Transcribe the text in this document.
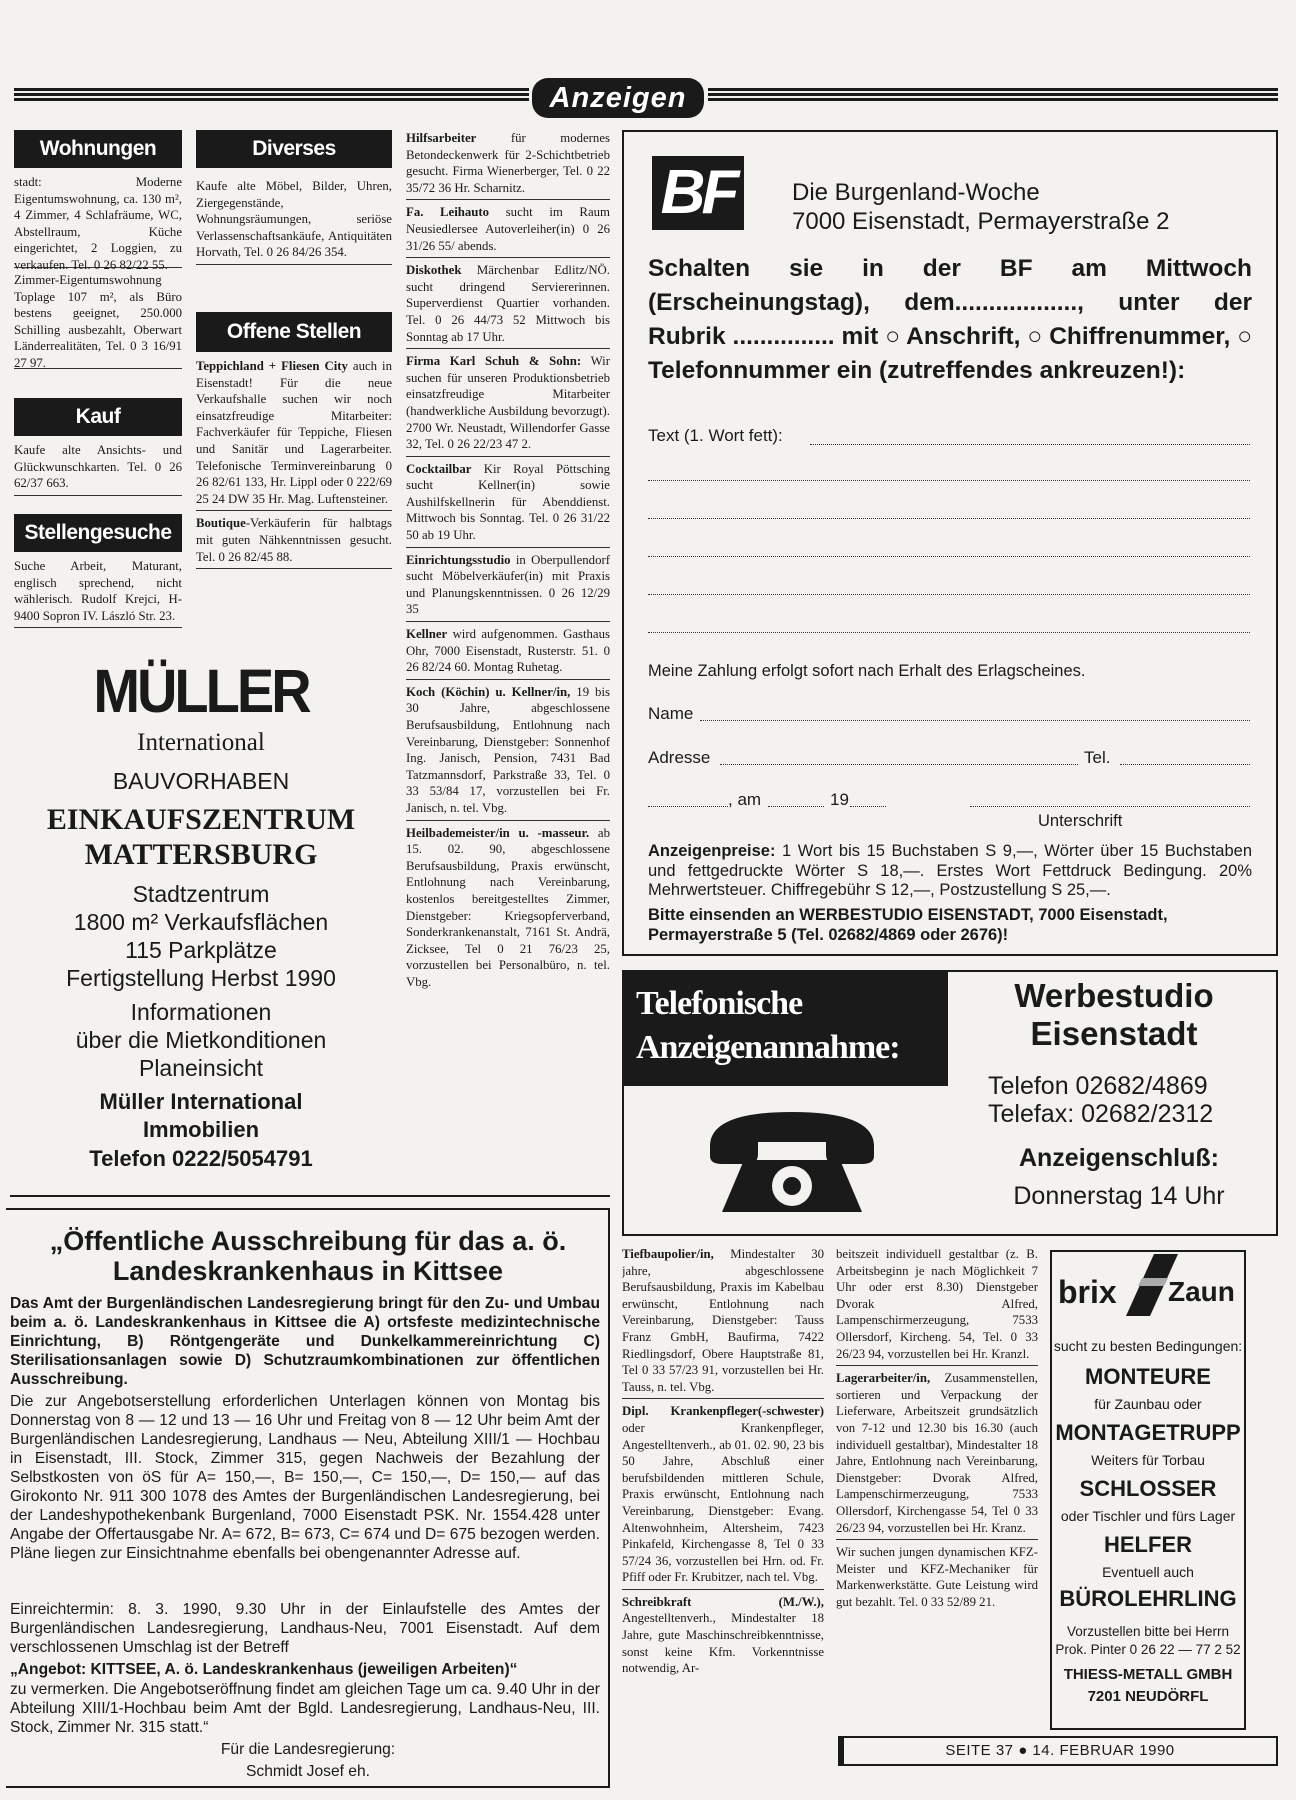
Anzeigen
Wohnungen

stadt: Moderne Eigentumswohnung, ca. 130 m², 4 Zimmer, 4 Schlafräume, WC, Abstellraum, Küche eingerichtet, 2 Loggien, zu verkaufen. Tel. 0 26 82/22 55.

Zimmer-Eigentumswohnung Toplage 107 m², als Büro bestens geeignet, 250.000 Schilling ausbezahlt, Oberwart Länderrealitäten, Tel. 0 3 16/91 27 97.

Kauf

Kaufe alte Ansichts- und Glückwunschkarten. Tel. 0 26 62/37 663.

Stellengesuche

Suche Arbeit, Maturant, englisch sprechend, nicht wählerisch. Rudolf Krejci, H-9400 Sopron IV. László Str. 23.

Diverses

Kaufe alte Möbel, Bilder, Uhren, Ziergegenstände, Wohnungsräumungen, seriöse Verlassenschaftsankäufe, Antiquitäten Horvath, Tel. 0 26 84/26 354.

Offene Stellen

Teppichland + Fliesen City auch in Eisenstadt! Für die neue Verkaufshalle suchen wir noch einsatzfreudige Mitarbeiter: Fachverkäufer für Teppiche, Fliesen und Sanitär und Lagerarbeiter. Telefonische Terminvereinbarung 0 26 82/61 133, Hr. Lippl oder 0 222/69 25 24 DW 35 Hr. Mag. Luftensteiner.

Boutique-Verkäuferin für halbtags mit guten Nähkenntnissen gesucht. Tel. 0 26 82/45 88.

Hilfsarbeiter für modernes Betondeckenwerk für 2-Schichtbetrieb gesucht. Firma Wienerberger, Tel. 0 22 35/72 36 Hr. Scharnitz.

Fa. Leihauto sucht im Raum Neusiedlersee Autoverleiher(in) 0 26 31/26 55/ abends.

Diskothek Märchenbar Edlitz/NÖ. sucht dringend Serviererinnen. Superverdienst Quartier vorhanden. Tel. 0 26 44/73 52 Mittwoch bis Sonntag ab 17 Uhr.

Firma Karl Schuh & Sohn: Wir suchen für unseren Produktionsbetrieb einsatzfreudige Mitarbeiter (handwerkliche Ausbildung bevorzugt). 2700 Wr. Neustadt, Willendorfer Gasse 32, Tel. 0 26 22/23 47 2.

Cocktailbar Kir Royal Pöttsching sucht Kellner(in) sowie Aushilfskellnerin für Abenddienst. Mittwoch bis Sonntag. Tel. 0 26 31/22 50 ab 19 Uhr.

Einrichtungsstudio in Oberpullendorf sucht Möbelverkäufer(in) mit Praxis und Planungskenntnissen. 0 26 12/29 35

Kellner wird aufgenommen. Gasthaus Ohr, 7000 Eisenstadt, Rusterstr. 51. 0 26 82/24 60. Montag Ruhetag.

Koch (Köchin) u. Kellner/in, 19 bis 30 Jahre, abgeschlossene Berufsausbildung, Entlohnung nach Vereinbarung, Dienstgeber: Sonnenhof Ing. Janisch, Pension, 7431 Bad Tatzmannsdorf, Parkstraße 33, Tel. 0 33 53/84 17, vorzustellen bei Fr. Janisch, n. tel. Vbg.

Heilbademeister/in u. -masseur. ab 15. 02. 90, abgeschlossene Berufsausbildung, Praxis erwünscht, Entlohnung nach Vereinbarung, kostenlos bereitgestelltes Zimmer, Dienstgeber: Kriegsopferverband, Sonderkrankenanstalt, 7161 St. Andrä, Zicksee, Tel 0 21 76/23 25, vorzustellen bei Personalbüro, n. tel. Vbg.

MÜLLER
International
BAUVORHABEN
EINKAUFSZENTRUM
MATTERSBURG
Stadtzentrum
1800 m² Verkaufsflächen
115 Parkplätze
Fertigstellung Herbst 1990
Informationen
über die Mietkonditionen
Planeinsicht
Müller International
Immobilien
Telefon 0222/5054791
BF	Die Burgenland-Woche
7000 Eisenstadt, Permayerstraße 2
Schalten sie in der BF am Mittwoch (Erscheinungstag), dem.................., unter der Rubrik ............... mit ○ Anschrift, ○ Chiffrenummer, ○ Telefonnummer ein (zutreffendes ankreuzen!):
Text (1. Wort fett):
Meine Zahlung erfolgt sofort nach Erhalt des Erlagscheines.
Name
Adresse	Tel.
, am	19
Unterschrift
Anzeigenpreise: 1 Wort bis 15 Buchstaben S 9,—, Wörter über 15 Buchstaben und fettgedruckte Wörter S 18,—. Erstes Wort Fettdruck Bedingung. 20% Mehrwertsteuer. Chiffregebühr S 12,—, Postzustellung S 25,—.
Bitte einsenden an WERBESTUDIO EISENSTADT, 7000 Eisenstadt, Permayerstraße 5 (Tel. 02682/4869 oder 2676)!
Telefonische
Anzeigenannahme:
Werbestudio
Eisenstadt
Telefon 02682/4869
Telefax: 02682/2312
Anzeigenschluß:
Donnerstag 14 Uhr
„Öffentliche Ausschreibung für das a. ö.
Landeskrankenhaus in Kittsee
Das Amt der Burgenländischen Landesregierung bringt für den Zu- und Umbau beim a. ö. Landeskrankenhaus in Kittsee die A) ortsfeste medizintechnische Einrichtung, B) Röntgengeräte und Dunkelkammereinrichtung C) Sterilisationsanlagen sowie D) Schutzraumkombinationen zur öffentlichen Ausschreibung.
Die zur Angebotserstellung erforderlichen Unterlagen können von Montag bis Donnerstag von 8 — 12 und 13 — 16 Uhr und Freitag von 8 — 12 Uhr beim Amt der Burgenländischen Landesregierung, Landhaus — Neu, Abteilung XIII/1 — Hochbau in Eisenstadt, III. Stock, Zimmer 315, gegen Nachweis der Bezahlung der Selbstkosten von öS für A= 150,—, B= 150,—, C= 150,—, D= 150,— auf das Girokonto Nr. 911 300 1078 des Amtes der Burgenländischen Landesregierung, bei der Landeshypothekenbank Burgenland, 7000 Eisenstadt PSK. Nr. 1554.428 unter Angabe der Offertausgabe Nr. A= 672, B= 673, C= 674 und D= 675 bezogen werden. Pläne liegen zur Einsichtnahme ebenfalls bei obengenannter Adresse auf.
Einreichtermin: 8. 3. 1990, 9.30 Uhr in der Einlaufstelle des Amtes der Burgenländischen Landesregierung, Landhaus-Neu, 7001 Eisenstadt. Auf dem verschlossenen Umschlag ist der Betreff
„Angebot: KITTSEE, A. ö. Landeskrankenhaus (jeweiligen Arbeiten)“
zu vermerken. Die Angebotseröffnung findet am gleichen Tage um ca. 9.40 Uhr in der Abteilung XIII/1-Hochbau beim Amt der Bgld. Landesregierung, Landhaus-Neu, III. Stock, Zimmer Nr. 315 statt.“
Für die Landesregierung:
Schmidt Josef eh.

Tiefbaupolier/in, Mindestalter 30 jahre, abgeschlossene Berufsausbildung, Praxis im Kabelbau erwünscht, Entlohnung nach Vereinbarung, Dienstgeber: Tauss Franz GmbH, Baufirma, 7422 Riedlingsdorf, Obere Hauptstraße 81, Tel 0 33 57/23 91, vorzustellen bei Hr. Tauss, n. tel. Vbg.

Dipl. Krankenpfleger(-schwester) oder Krankenpfleger, Angestelltenverh., ab 01. 02. 90, 23 bis 50 Jahre, Abschluß einer berufsbildenden mittleren Schule, Praxis erwünscht, Entlohnung nach Vereinbarung, Dienstgeber: Evang. Altenwohnheim, Altersheim, 7423 Pinkafeld, Kirchengasse 8, Tel 0 33 57/24 36, vorzustellen bei Hrn. od. Fr. Pfiff oder Fr. Krubitzer, nach tel. Vbg.

Schreibkraft (M./W.), Angestelltenverh., Mindestalter 18 Jahre, gute Maschinschreibkenntnisse, sonst keine Kfm. Vorkenntnisse notwendig, Ar-

beitszeit individuell gestaltbar (z. B. Arbeitsbeginn je nach Möglichkeit 7 Uhr oder erst 8.30) Dienstgeber Dvorak Alfred, Lampenschirmerzeugung, 7533 Ollersdorf, Kircheng. 54, Tel. 0 33 26/23 94, vorzustellen bei Hr. Kranzl.

Lagerarbeiter/in, Zusammenstellen, sortieren und Verpackung der Lieferware, Arbeitszeit grundsätzlich von 7-12 und 12.30 bis 16.30 (auch individuell gestaltbar), Mindestalter 18 Jahre, Entlohnung nach Vereinbarung, Dienstgeber: Dvorak Alfred, Lampenschirmerzeugung, 7533 Ollersdorf, Kirchengasse 54, Tel 0 33 26/23 94, vorzustellen bei Hr. Kranz.

Wir suchen jungen dynamischen KFZ-Meister und KFZ-Mechaniker für Markenwerkstätte. Gute Leistung wird gut bezahlt. Tel. 0 33 52/89 21.

brix Zaun
sucht zu besten Bedingungen:
MONTEURE
für Zaunbau oder
MONTAGETRUPP
Weiters für Torbau
SCHLOSSER
oder Tischler und fürs Lager
HELFER
Eventuell auch
BÜROLEHRLING
Vorzustellen bitte bei Herrn
Prok. Pinter 0 26 22 — 77 2 52
THIESS-METALL GMBH
7201 NEUDÖRFL
SEITE 37 ● 14. FEBRUAR 1990
